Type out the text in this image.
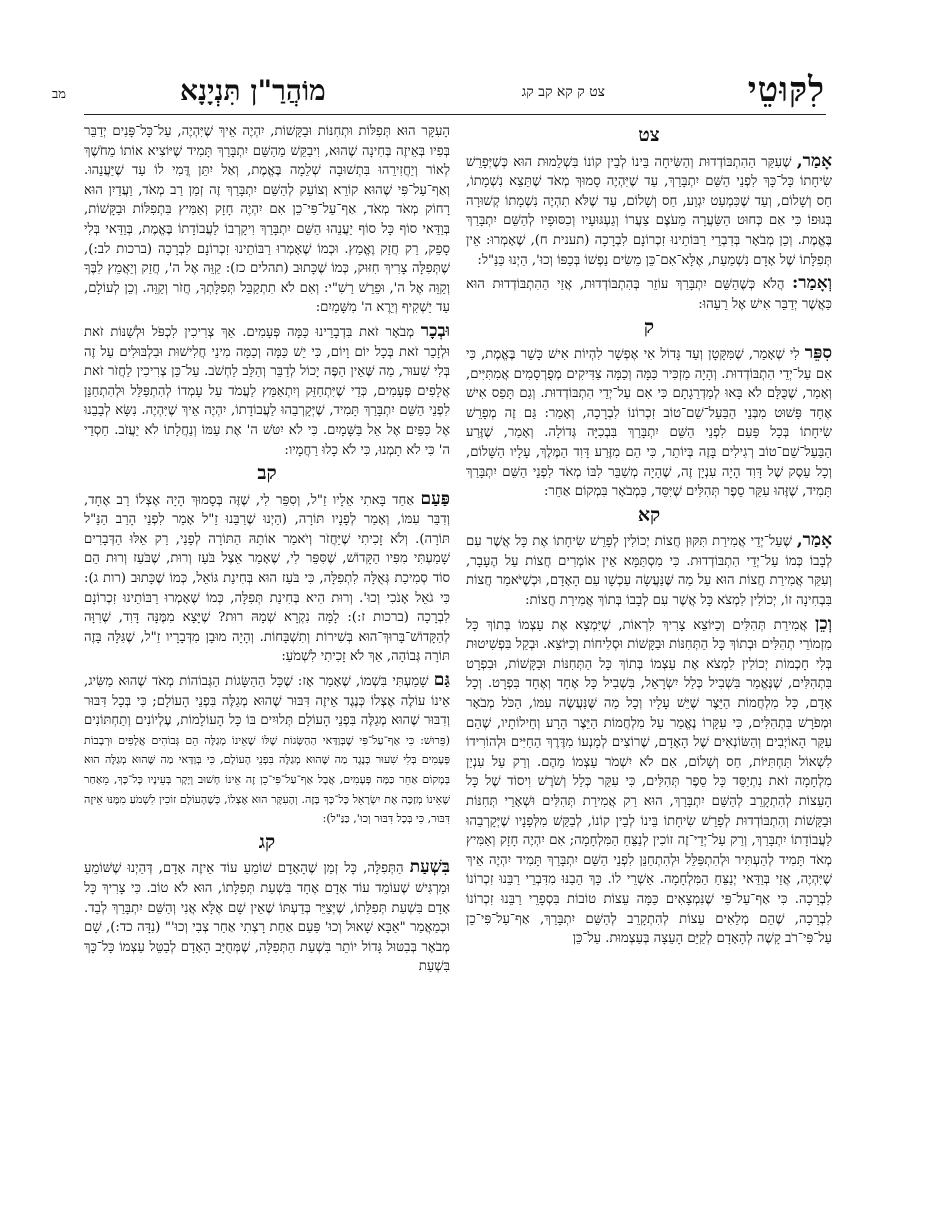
לִקּוּטֵי
צט ק קא קב קג
מוֹהֲרַ"ן תִּנְיָנָא
מב
צט

אָמַר, שֶׁעִקַּר הַהִתְבּוֹדְדוּת וְהַשִּׂיחָה בֵּינוֹ לְבֵין קוֹנוֹ בִּשְׁלֵמוּת הוּא כְּשֶׁיְּפָרֵשׁ שִׂיחָתוֹ כָּל־כָּךְ לִפְנֵי הַשֵּׁם יִתְבָּרַךְ, עַד שֶׁיִּהְיֶה סָמוּךְ מְאֹד שֶׁתֵּצֵא נִשְׁמָתוֹ, חַס וְשָׁלוֹם, וְעַד שֶׁכִּמְעַט יִגְוַע, חַס וְשָׁלוֹם, עַד שֶׁלֹּא תִהְיֶה נִשְׁמָתוֹ קְשׁוּרָה בְּגוּפוֹ כִּי אִם כְּחוּט הַשַּׂעֲרָה מֵעֹצֶם צַעֲרוֹ וְגַעְגּוּעָיו וְכִסּוּפָיו לְהַשֵּׁם יִתְבָּרַךְ בֶּאֱמֶת. וְכֵן מְבֹאָר בְּדִבְרֵי רַבּוֹתֵינוּ זִכְרוֹנָם לִבְרָכָה (תענית ח), שֶׁאָמְרוּ: אֵין תְּפִלָּתוֹ שֶׁל אָדָם נִשְׁמַעַת, אֶלָּא־אִם־כֵּן מֵשִׂים נַפְשׁוֹ בְּכַפּוֹ וְכוּ', הַיְנוּ כַּנַּ"ל:

וְאָמַר: הֲלֹא כְּשֶׁהַשֵּׁם יִתְבָּרַךְ עוֹזֵר בְּהִתְבּוֹדְדוּת, אֲזַי הַהִתְבּוֹדְדוּת הוּא כַּאֲשֶׁר יְדַבֵּר אִישׁ אֶל רֵעֵהוּ:

ק

סִפֵּר לִי שֶׁאָמַר, שֶׁמִּקָּטָן וְעַד גָּדוֹל אִי אֶפְשָׁר לִהְיוֹת אִישׁ כָּשֵׁר בֶּאֱמֶת, כִּי אִם עַל־יְדֵי הִתְבּוֹדְדוּת. וְהָיָה מַזְכִּיר כַּמָּה וְכַמָּה צַדִּיקִים מְפֻרְסָמִים אֲמִתִּיִּים, וְאָמַר, שֶׁכֻּלָּם לֹא בָּאוּ לְמַדְרֵגָתָם כִּי אִם עַל־יְדֵי הִתְבּוֹדְדוּת. וְגַם תָּפַס אִישׁ אֶחָד פָּשׁוּט מִבְּנֵי הַבַּעַל־שֵׁם־טוֹב זִכְרוֹנוֹ לִבְרָכָה, וְאָמַר: גַּם זֶה מְפָרֵשׁ שִׂיחָתוֹ בְּכָל פַּעַם לִפְנֵי הַשֵּׁם יִתְבָּרַךְ בִּבְכִיָּה גְּדוֹלָה. וְאָמַר, שֶׁזֶּרַע הַבַּעַל־שֵׁם־טוֹב רְגִילִים בָּזֶה בְּיוֹתֵר, כִּי הֵם מִזֶּרַע דָּוִד הַמֶּלֶךְ, עָלָיו הַשָּׁלוֹם, וְכָל עֵסֶק שֶׁל דָּוִד הָיָה עִנְיָן זֶה, שֶׁהָיָה מְשַׁבֵּר לִבּוֹ מְאֹד לִפְנֵי הַשֵּׁם יִתְבָּרַךְ תָּמִיד, שֶׁזֶּהוּ עִקַּר סֵפֶר תְּהִלִּים שֶׁיִּסֵּד, כַּמְבֹאָר בִּמְקוֹם אַחֵר:

קא

אָמַר, שֶׁעַל־יְדֵי אֲמִירַת תִּקּוּן חֲצוֹת יְכוֹלִין לְפָרֵשׁ שִׂיחָתוֹ אֶת כָּל אֲשֶׁר עִם לְבָבוֹ כְּמוֹ עַל־יְדֵי הִתְבּוֹדְדוּת. כִּי מִסְתַּמָּא אֵין אוֹמְרִים חֲצוֹת עַל הֶעָבָר, וְעִקַּר אֲמִירַת חֲצוֹת הוּא עַל מַה שֶּׁנַּעֲשָׂה עַכְשָׁו עִם הָאָדָם, וּכְשֶׁיֹּאמַר חֲצוֹת בִּבְחִינָה זוֹ, יְכוֹלִין לִמְצֹא כָּל אֲשֶׁר עִם לְבָבוֹ בְּתוֹךְ אֲמִירַת חֲצוֹת:

וְכֵן אֲמִירַת תְּהִלִּים וְכַיּוֹצֵא צָרִיךְ לִרְאוֹת, שֶׁיִּמְצָא אֶת עַצְמוֹ בְּתוֹךְ כָּל מִזְמוֹרֵי תְהִלִּים וּבְתוֹךְ כָּל הַתְּחִנּוֹת וּבַקָּשׁוֹת וּסְלִיחוֹת וְכַיּוֹצֵא. וּבְקַל בִּפְשִׁיטוּת בְּלִי חָכְמוֹת יְכוֹלִין לִמְצֹא אֶת עַצְמוֹ בְּתוֹךְ כָּל הַתְּחִנּוֹת וּבַקָּשׁוֹת, וּבִפְרָט בִּתְהִלִּים, שֶׁנֶּאֱמַר בִּשְׁבִיל כְּלַל יִשְׂרָאֵל, בִּשְׁבִיל כָּל אֶחָד וְאֶחָד בִּפְרָט. וְכָל אָדָם, כָּל מִלְחֲמוֹת הַיֵּצֶר שֶׁיֵּשׁ עָלָיו וְכָל מַה שֶּׁנַּעֲשֶׂה עִמּוֹ, הַכֹּל מְבֹאָר וּמְפֹרָשׁ בִּתְהִלִּים, כִּי עִקָּרוֹ נֶאֱמַר עַל מִלְחֲמוֹת הַיֵּצֶר הָרָע וְחֵילוֹתָיו, שֶׁהֵם עִקַּר הָאוֹיְבִים וְהַשּׂוֹנְאִים שֶׁל הָאָדָם, שֶׁרוֹצִים לְמָנְעוֹ מִדֶּרֶךְ הַחַיִּים וּלְהוֹרִידוֹ לִשְׁאוֹל תַּחְתִּיּוֹת, חַס וְשָׁלוֹם, אִם לֹא יִשְׁמֹר עַצְמוֹ מֵהֶם. וְרַק עַל עִנְיַן מִלְחָמָה זֹאת נִתְיַסֵּד כָּל סֵפֶר תְּהִלִּים, כִּי עִקַּר כְּלַל וְשֹׁרֶשׁ וִיסוֹד שֶׁל כָּל הָעֵצוֹת לְהִתְקָרֵב לְהַשֵּׁם יִתְבָּרַךְ, הוּא רַק אֲמִירַת תְּהִלִּים וּשְׁאָרֵי תְּחִנּוֹת וּבַקָּשׁוֹת וְהִתְבּוֹדְדוּת לְפָרֵשׁ שִׂיחָתוֹ בֵּינוֹ לְבֵין קוֹנוֹ, לְבַקֵּשׁ מִלְּפָנָיו שֶׁיְּקָרְבֵהוּ לַעֲבוֹדָתוֹ יִתְבָּרַךְ, וְרַק עַל־יְדֵי־זֶה זוֹכִין לְנַצֵּחַ הַמִּלְחָמָה; אִם יִהְיֶה חָזָק וְאַמִּיץ מְאֹד תָּמִיד לְהַעְתִּיר וּלְהִתְפַּלֵּל וּלְהִתְחַנֵּן לִפְנֵי הַשֵּׁם יִתְבָּרַךְ תָּמִיד יִהְיֶה אֵיךְ שֶׁיִּהְיֶה, אֲזַי בְּוַדַּאי יְנַצֵּחַ הַמִּלְחָמָה. אַשְׁרֵי לוֹ. כָּךְ הֵבַנּוּ מִדִּבְרֵי רַבֵּנוּ זִכְרוֹנוֹ לִבְרָכָה. כִּי אַף־עַל־פִּי שֶׁנִּמְצָאִים כַּמָּה עֵצוֹת טוֹבוֹת בִּסְפָרֵי רַבֵּנוּ זִכְרוֹנוֹ לִבְרָכָה, שֶׁהֵם מְלֵאִים עֵצוֹת לְהִתְקָרֵב לְהַשֵּׁם יִתְבָּרַךְ, אַף־עַל־פִּי־כֵן עַל־פִּי־רֹב קָשֶׁה לְהָאָדָם לְקַיֵּם הָעֵצָה בְּעַצְמוּת. עַל־כֵּן

הָעִקָּר הוּא תְּפִלּוֹת וּתְחִנּוֹת וּבַקָּשׁוֹת, יִהְיֶה אֵיךְ שֶׁיִּהְיֶה, עַל־כָּל־פָּנִים יְדַבֵּר בְּפִיו בְּאֵיזֶה בְּחִינָה שֶׁהוּא, וִיבַקֵּשׁ מֵהַשֵּׁם יִתְבָּרַךְ תָּמִיד שֶׁיּוֹצִיא אוֹתוֹ מֵחֹשֶׁךְ לְאוֹר וְיַחֲזִירֵהוּ בִּתְשׁוּבָה שְׁלֵמָה בֶּאֱמֶת, וְאַל יִתֵּן דֳּמִי לוֹ עַד שֶׁיַּעֲנֵהוּ. וְאַף־עַל־פִּי שֶׁהוּא קוֹרֵא וְצוֹעֵק לְהַשֵּׁם יִתְבָּרַךְ זֶה זְמַן רַב מְאֹד, וַעֲדַיִן הוּא רָחוֹק מְאֹד מְאֹד, אַף־עַל־פִּי־כֵן אִם יִהְיֶה חָזָק וְאַמִּיץ בִּתְפִלּוֹת וּבַקָּשׁוֹת, בְּוַדַּאי סוֹף כָּל סוֹף יַעֲנֵהוּ הַשֵּׁם יִתְבָּרַךְ וִיקָרְבוֹ לַעֲבוֹדָתוֹ בֶּאֱמֶת, בְּוַדַּאי בְּלִי סָפֵק, רַק חֲזַק וֶאֱמַץ. וּכְמוֹ שֶׁאָמְרוּ רַבּוֹתֵינוּ זִכְרוֹנָם לִבְרָכָה (ברכות לב:), שֶׁתְּפִלָּה צָרִיךְ חִזּוּק, כְּמוֹ שֶׁכָּתוּב (תהלים כז): קַוֵּה אֶל ה', חֲזַק וְיַאֲמֵץ לִבֶּךָ וְקַוֵּה אֶל ה', וּפֵרֵשׁ רַשִׁ"י: וְאִם לֹא תִתְקַבֵּל תְּפִלָּתְךָ, חֲזֹר וְקַוֵּה. וְכֵן לְעוֹלָם, עַד יַשְׁקִיף וְיֵרֶא ה' מִשָּׁמַיִם:

וּבְכָר מְבֹאָר זֹאת בִּדְבָרֵינוּ כַּמָּה פְּעָמִים. אַךְ צְרִיכִין לִכְפֹּל וּלְשַׁנּוֹת זֹאת וּלְזָכֵר זֹאת בְּכָל יוֹם וָיוֹם, כִּי יֵשׁ כַּמָּה וְכַמָּה מִינֵי חֲלִישׁוּת וּבִלְבּוּלִים עַל זֶה בְּלִי שִׁעוּר, מַה שֶּׁאֵין הַפֶּה יָכוֹל לְדַבֵּר וְהַלֵּב לַחְשֹׁב. עַל־כֵּן צְרִיכִין לַחֲזֹר זֹאת אֲלָפִים פְּעָמִים, כְּדֵי שֶׁיִּתְחַזֵּק וְיִתְאַמֵּץ לַעֲמֹד עַל עָמְדוֹ לְהִתְפַּלֵּל וּלְהִתְחַנֵּן לִפְנֵי הַשֵּׁם יִתְבָּרַךְ תָּמִיד, שֶׁיְּקָרְבֵהוּ לַעֲבוֹדָתוֹ, יִהְיֶה אֵיךְ שֶׁיִּהְיֶה. נִשָּׂא לְבָבֵנוּ אֶל כַּפַּיִם אֶל אֵל בַּשָּׁמָיִם. כִּי לֹא יִטֹּשׁ ה' אֶת עַמּוֹ וְנַחֲלָתוֹ לֹא יַעֲזֹב. חַסְדֵי ה' כִּי לֹא תָמְנוּ, כִּי לֹא כָלוּ רַחֲמָיו:

קב

פַּעַם אַחַד בָּאתִי אֵלָיו זַ"ל, וְסִפֵּר לִי, שֶׁזֶּה בְּסָמוּךְ הָיָה אֶצְלוֹ רַב אֶחָד, וְדִבֵּר עִמּוֹ, וְאָמַר לְפָנָיו תּוֹרָה, (הַיְנוּ שֶׁרַבֵּנוּ זַ"ל אָמַר לִפְנֵי הָרַב הַנַּ"ל תּוֹרָה). וְלֹא זָכִיתִי שֶׁיַּחֲזֹר וְיֹאמַר אוֹתָהּ הַתּוֹרָה לְפָנַי, רַק אֵלּוּ הַדְּבָרִים שָׁמַעְתִּי מִפִּיו הַקָּדוֹשׁ, שֶׁסִּפֵּר לִי, שֶׁאָמַר אֵצֶל בֹּעַז וְרוּת, שֶׁבֹּעַז וְרוּת הֵם סוֹד סְמִיכַת גְּאֻלָּה לִתְפִלָּה, כִּי בֹּעַז הוּא בְּחִינַת גּוֹאֵל, כְּמוֹ שֶׁכָּתוּב (רות ג): כִּי גֹאֵל אָנֹכִי וְכוּ'. וְרוּת הִיא בְּחִינַת תְּפִלָּה, כְּמוֹ שֶׁאָמְרוּ רַבּוֹתֵינוּ זִכְרוֹנָם לִבְרָכָה (ברכות ז:): לָמָּה נִקְרָא שְׁמָהּ רוּת? שֶׁיָּצָא מִמֶּנָּה דָּוִד, שֶׁרִוָּה לְהַקָּדוֹשׁ־בָּרוּךְ־הוּא בְּשִׁירוֹת וְתִשְׁבָּחוֹת. וְהָיָה מוּבָן מִדְּבָרָיו זַ"ל, שֶׁגִּלָּה בָּזֶה תּוֹרָה גְּבוֹהָה, אַךְ לֹא זָכִיתִי לִשְׁמֹעַ:

גַּם שָׁמַעְתִּי בִּשְׁמוֹ, שֶׁאָמַר אָז: שֶׁכָּל הַהַשָּׂגוֹת הַגְּבוֹהוֹת מְאֹד שֶׁהוּא מַשִּׂיג, אֵינוֹ עוֹלֶה אֶצְלוֹ כְּנֶגֶד אֵיזֶה דִּבּוּר שֶׁהוּא מְגַלֶּה בִּפְנֵי הָעוֹלָם; כִּי בְּכָל דִּבּוּר וְדִבּוּר שֶׁהוּא מְגַלֶּה בִּפְנֵי הָעוֹלָם תְּלוּיִים בּוֹ כָּל הָעוֹלָמוֹת, עֶלְיוֹנִים וְתַחְתּוֹנִים (פֵּרוּשׁ: כִּי אַף־עַל־פִּי שֶׁבְּוַדַּאי הַהַשָּׂגוֹת שֶׁלּוֹ שֶׁאֵינוֹ מְגַלֶּה הֵם גְּבוֹהִים אֲלָפִים וּרְבָבוֹת פְּעָמִים בְּלִי שִׁעוּר כְּנֶגֶד מַה שֶּׁהוּא מְגַלֶּה בִּפְנֵי הָעוֹלָם, כִּי בְּוַדַּאי מַה שֶּׁהוּא מְגַלֶּה הוּא בְּמָקוֹם אַחֵר כַּמָּה פְּעָמִים, אֲבָל אַף־עַל־פִּי־כֵן זֶה אֵינוֹ חָשׁוּב וְיָקָר בְּעֵינָיו כָּל־כָּךְ, מֵאַחַר שֶׁאֵינוֹ מְזַכֶּה אֶת יִשְׂרָאֵל כָּל־כָּךְ בָּזֶה. וְהָעִקָּר הוּא אֶצְלוֹ, כְּשֶׁהָעוֹלָם זוֹכִין לִשְׁמֹעַ מִמֶּנּוּ אֵיזֶה דִּבּוּר, כִּי בְּכָל דִּבּוּר וְכוּ', כַּנַּ"ל):

קג

בִּשְׁעַת הַתְּפִלָּה, כָּל זְמַן שֶׁהָאָדָם שׁוֹמֵעַ עוֹד אֵיזֶה אָדָם, דְּהַיְנוּ שֶׁשּׁוֹמֵעַ וּמַרְגִּישׁ שֶׁעוֹמֵד עוֹד אָדָם אֶחָד בִּשְׁעַת תְּפִלָּתוֹ, הוּא לֹא טוֹב. כִּי צָרִיךְ כָּל אָדָם בִּשְׁעַת תְּפִלָּתוֹ, שֶׁיְּצַיֵּר בְּדַעְתּוֹ שֶׁאֵין שָׁם אֶלָּא אֲנִי וְהַשֵּׁם יִתְבָּרַךְ לְבַד. וּכְמַאֲמַר "אַבָּא שָׁאוּל וְכוּ' פַּעַם אַחַת רָצְתִי אַחַר צְבִי וְכוּ'" (נִדָּה כד:), שָׁם מְבֹאָר בְּבִטּוּל גָּדוֹל יוֹתֵר בִּשְׁעַת הַתְּפִלָּה, שֶׁמְּחֻיָּב הָאָדָם לְבַטֵּל עַצְמוֹ כָּל־כָּךְ בִּשְׁעַת
